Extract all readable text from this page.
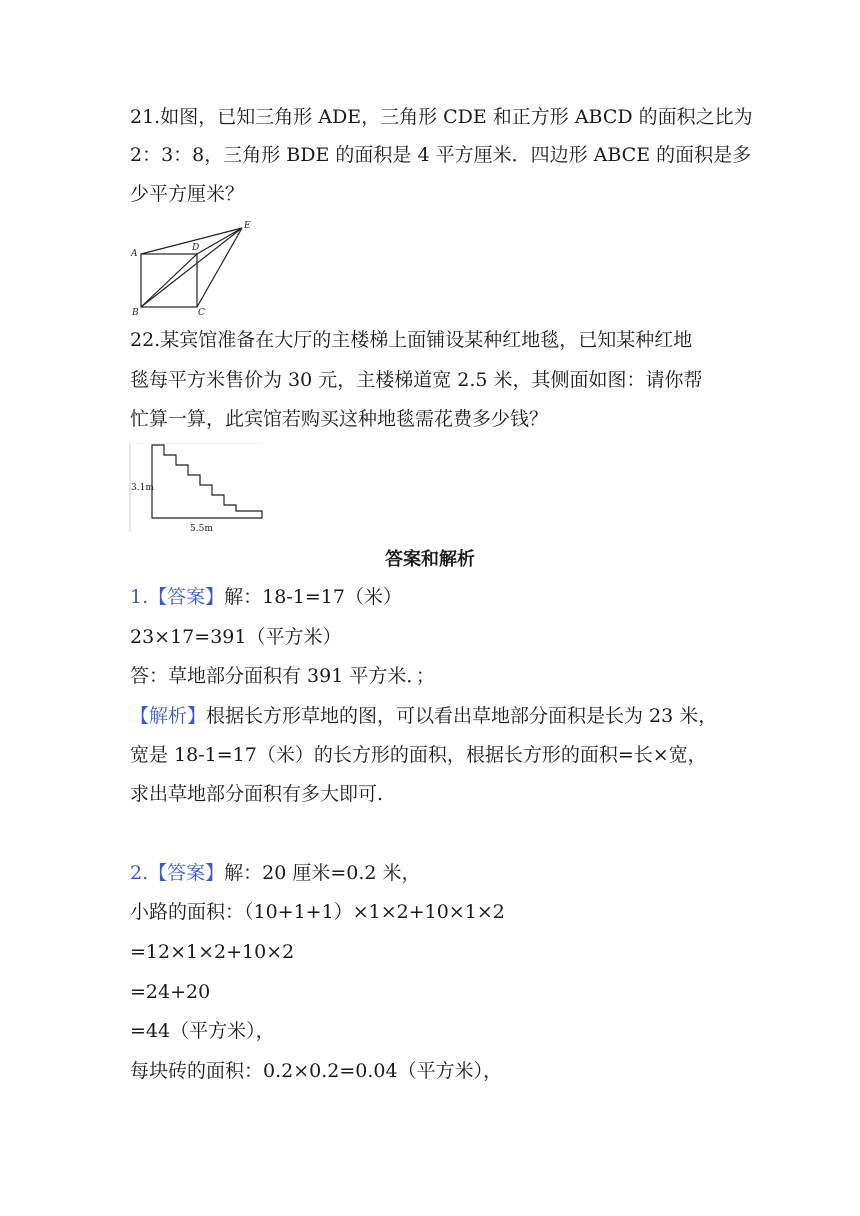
21.如图，已知三角形 ADE，三角形 CDE 和正方形 ABCD 的面积之比为
2：3：8，三角形 BDE 的面积是 4 平方厘米．四边形 ABCE 的面积是多
少平方厘米？
A
B	C
D
E
22.某宾馆准备在大厅的主楼梯上面铺设某种红地毯，已知某种红地
毯每平方米售价为 30 元，主楼梯道宽 2.5 米，其侧面如图：请你帮
忙算一算，此宾馆若购买这种地毯需花费多少钱？
3.1m
5.5m
答案和解析
1.【答案】解：18-1=17（米）
23×17=391（平方米）
答：草地部分面积有 391 平方米．；
【解析】根据长方形草地的图，可以看出草地部分面积是长为 23 米，
宽是 18-1=17（米）的长方形的面积，根据长方形的面积=长×宽，
求出草地部分面积有多大即可.
2.【答案】解：20 厘米=0.2 米，
小路的面积：（10+1+1）×1×2+10×1×2
=12×1×2+10×2
=24+20
=44（平方米），
每块砖的面积：0.2×0.2=0.04（平方米），
